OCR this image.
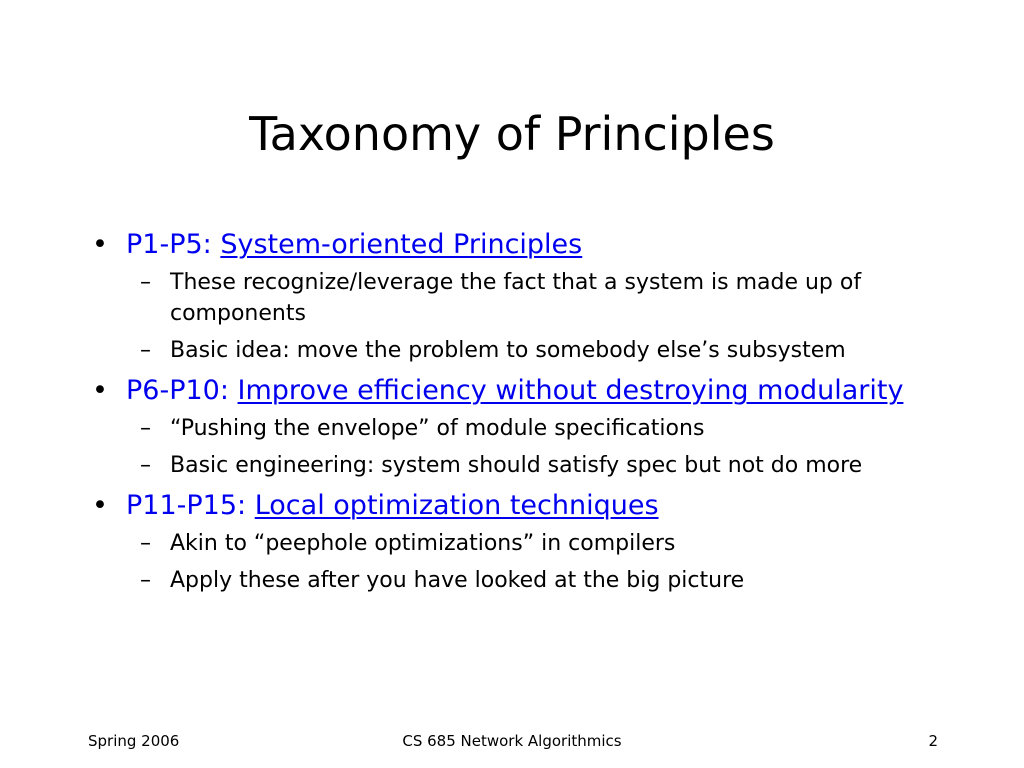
Taxonomy of Principles
• P1-P5: System-oriented Principles
– These recognize/leverage the fact that a system is made up of components
– Basic idea: move the problem to somebody else’s subsystem
• P6-P10: Improve efficiency without destroying modularity
– “Pushing the envelope” of module specifications
– Basic engineering: system should satisfy spec but not do more
• P11-P15: Local optimization techniques
– Akin to “peephole optimizations” in compilers
– Apply these after you have looked at the big picture
Spring 2006	CS 685 Network Algorithmics	2
